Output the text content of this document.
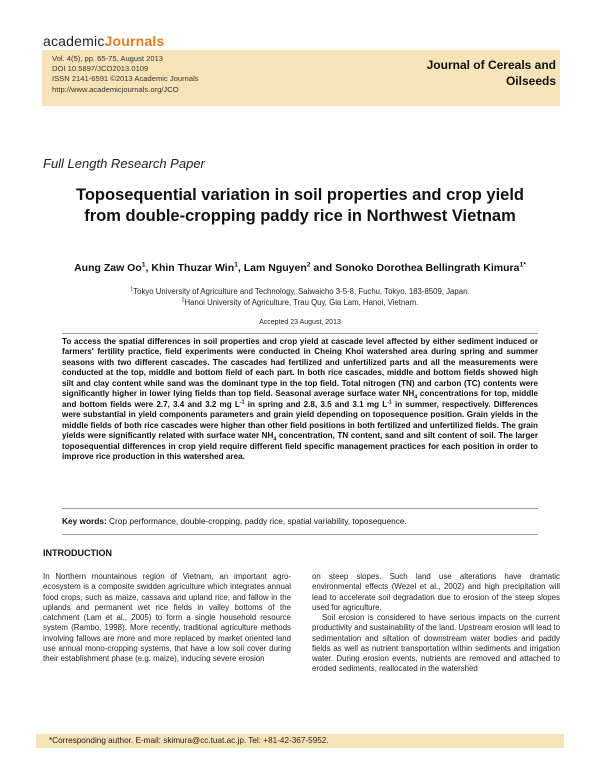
academicJournals
Vol. 4(5), pp. 65-75, August 2013
DOI 10.5897/JCO2013.0109
ISSN 2141-6591 ©2013 Academic Journals
http://www.academicjournals.org/JCO
Journal of Cereals and Oilseeds
Full Length Research Paper
Toposequential variation in soil properties and crop yield from double-cropping paddy rice in Northwest Vietnam
Aung Zaw Oo$^1$, Khin Thuzar Win$^1$, Lam Nguyen$^2$ and Sonoko Dorothea Bellingrath Kimura$^{1*}$
$^1$Tokyo University of Agriculture and Technology, Saiwaicho 3-5-8, Fuchu, Tokyo, 183-8509, Japan.
$^2$Hanoi University of Agriculture, Trau Quy, Gia Lam, Hanoi, Vietnam.
Accepted 23 August, 2013
To access the spatial differences in soil properties and crop yield at cascade level affected by either sediment induced or farmers' fertility practice, field experiments were conducted in Cheing Khoi watershed area during spring and summer seasons with two different cascades. The cascades had fertilized and unfertilized parts and all the measurements were conducted at the top, middle and bottom field of each part. In both rice cascades, middle and bottom fields showed high silt and clay content while sand was the dominant type in the top field. Total nitrogen (TN) and carbon (TC) contents were significantly higher in lower lying fields than top field. Seasonal average surface water $NH_4$ concentrations for top, middle and bottom fields were 2.7, 3.4 and 3.2 mg $L^{-1}$ in spring and 2.8, 3.5 and 3.1 mg $L^{-1}$ in summer, respectively. Differences were substantial in yield components parameters and grain yield depending on toposequence position. Grain yields in the middle fields of both rice cascades were higher than other field positions in both fertilized and unfertilized fields. The grain yields were significantly related with surface water $NH_4$ concentration, TN content, sand and silt content of soil. The larger toposequential differences in crop yield require different field specific management practices for each position in order to improve rice production in this watershed area.
Key words: Crop performance, double-cropping, paddy rice, spatial variability, toposequence.
INTRODUCTION

In Northern mountainous region of Vietnam, an important agro-ecosystem is a composite swidden agriculture which integrates annual food crops, such as maize, cassava and upland rice, and fallow in the uplands and permanent wet rice fields in valley bottoms of the catchment (Lam et al., 2005) to form a single household resource system (Rambo, 1998). More recently, traditional agriculture methods involving fallows are more and more replaced by market oriented land use annual mono-cropping systems, that have a low soil cover during their establishment phase (e.g. maize), inducing severe erosion

on steep slopes. Such land use alterations have dramatic environmental effects (Wezel et al., 2002) and high precipitation will lead to accelerate soil degradation due to erosion of the steep slopes used for agriculture.

Soil erosion is considered to have serious impacts on the current productivity and sustainability of the land. Upstream erosion will lead to sedimentation and siltation of downstream water bodies and paddy fields as well as nutrient transportation within sediments and irrigation water. During erosion events, nutrients are removed and attached to eroded sediments, reallocated in the watershed

*Corresponding author. E-mail: skimura@cc.tuat.ac.jp. Tel: +81-42-367-5952.
